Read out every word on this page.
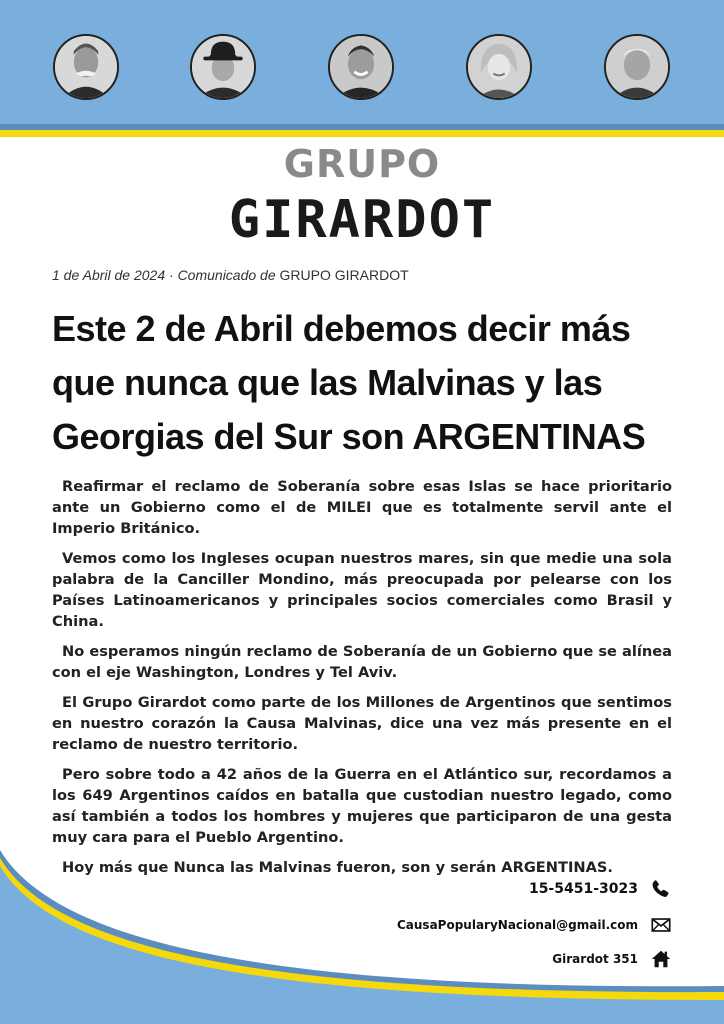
GRUPO
GIRARDOT
1 de Abril de 2024 · Comunicado de GRUPO GIRARDOT
Este 2 de Abril debemos decir más
que nunca que las Malvinas y las
Georgias del Sur son ARGENTINAS

Reafirmar el reclamo de Soberanía sobre esas Islas se hace prioritario ante un Gobierno como el de MILEI que es totalmente servil ante el Imperio Británico.

Vemos como los Ingleses ocupan nuestros mares, sin que medie una sola palabra de la Canciller Mondino, más preocupada por pelearse con los Países Latinoamericanos y principales socios comerciales como Brasil y China.

No esperamos ningún reclamo de Soberanía de un Gobierno que se alínea con el eje Washington, Londres y Tel Aviv.

El Grupo Girardot como parte de los Millones de Argentinos que sentimos en nuestro corazón la Causa Malvinas, dice una vez más presente en el reclamo de nuestro territorio.

Pero sobre todo a 42 años de la Guerra en el Atlántico sur, recordamos a los 649 Argentinos caídos en batalla que custodian nuestro legado, como así también a todos los hombres y mujeres que participaron de una gesta muy cara para el Pueblo Argentino.

Hoy más que Nunca las Malvinas fueron, son y serán ARGENTINAS.

15-5451-3023
CausaPopularyNacional@gmail.com
Girardot 351
